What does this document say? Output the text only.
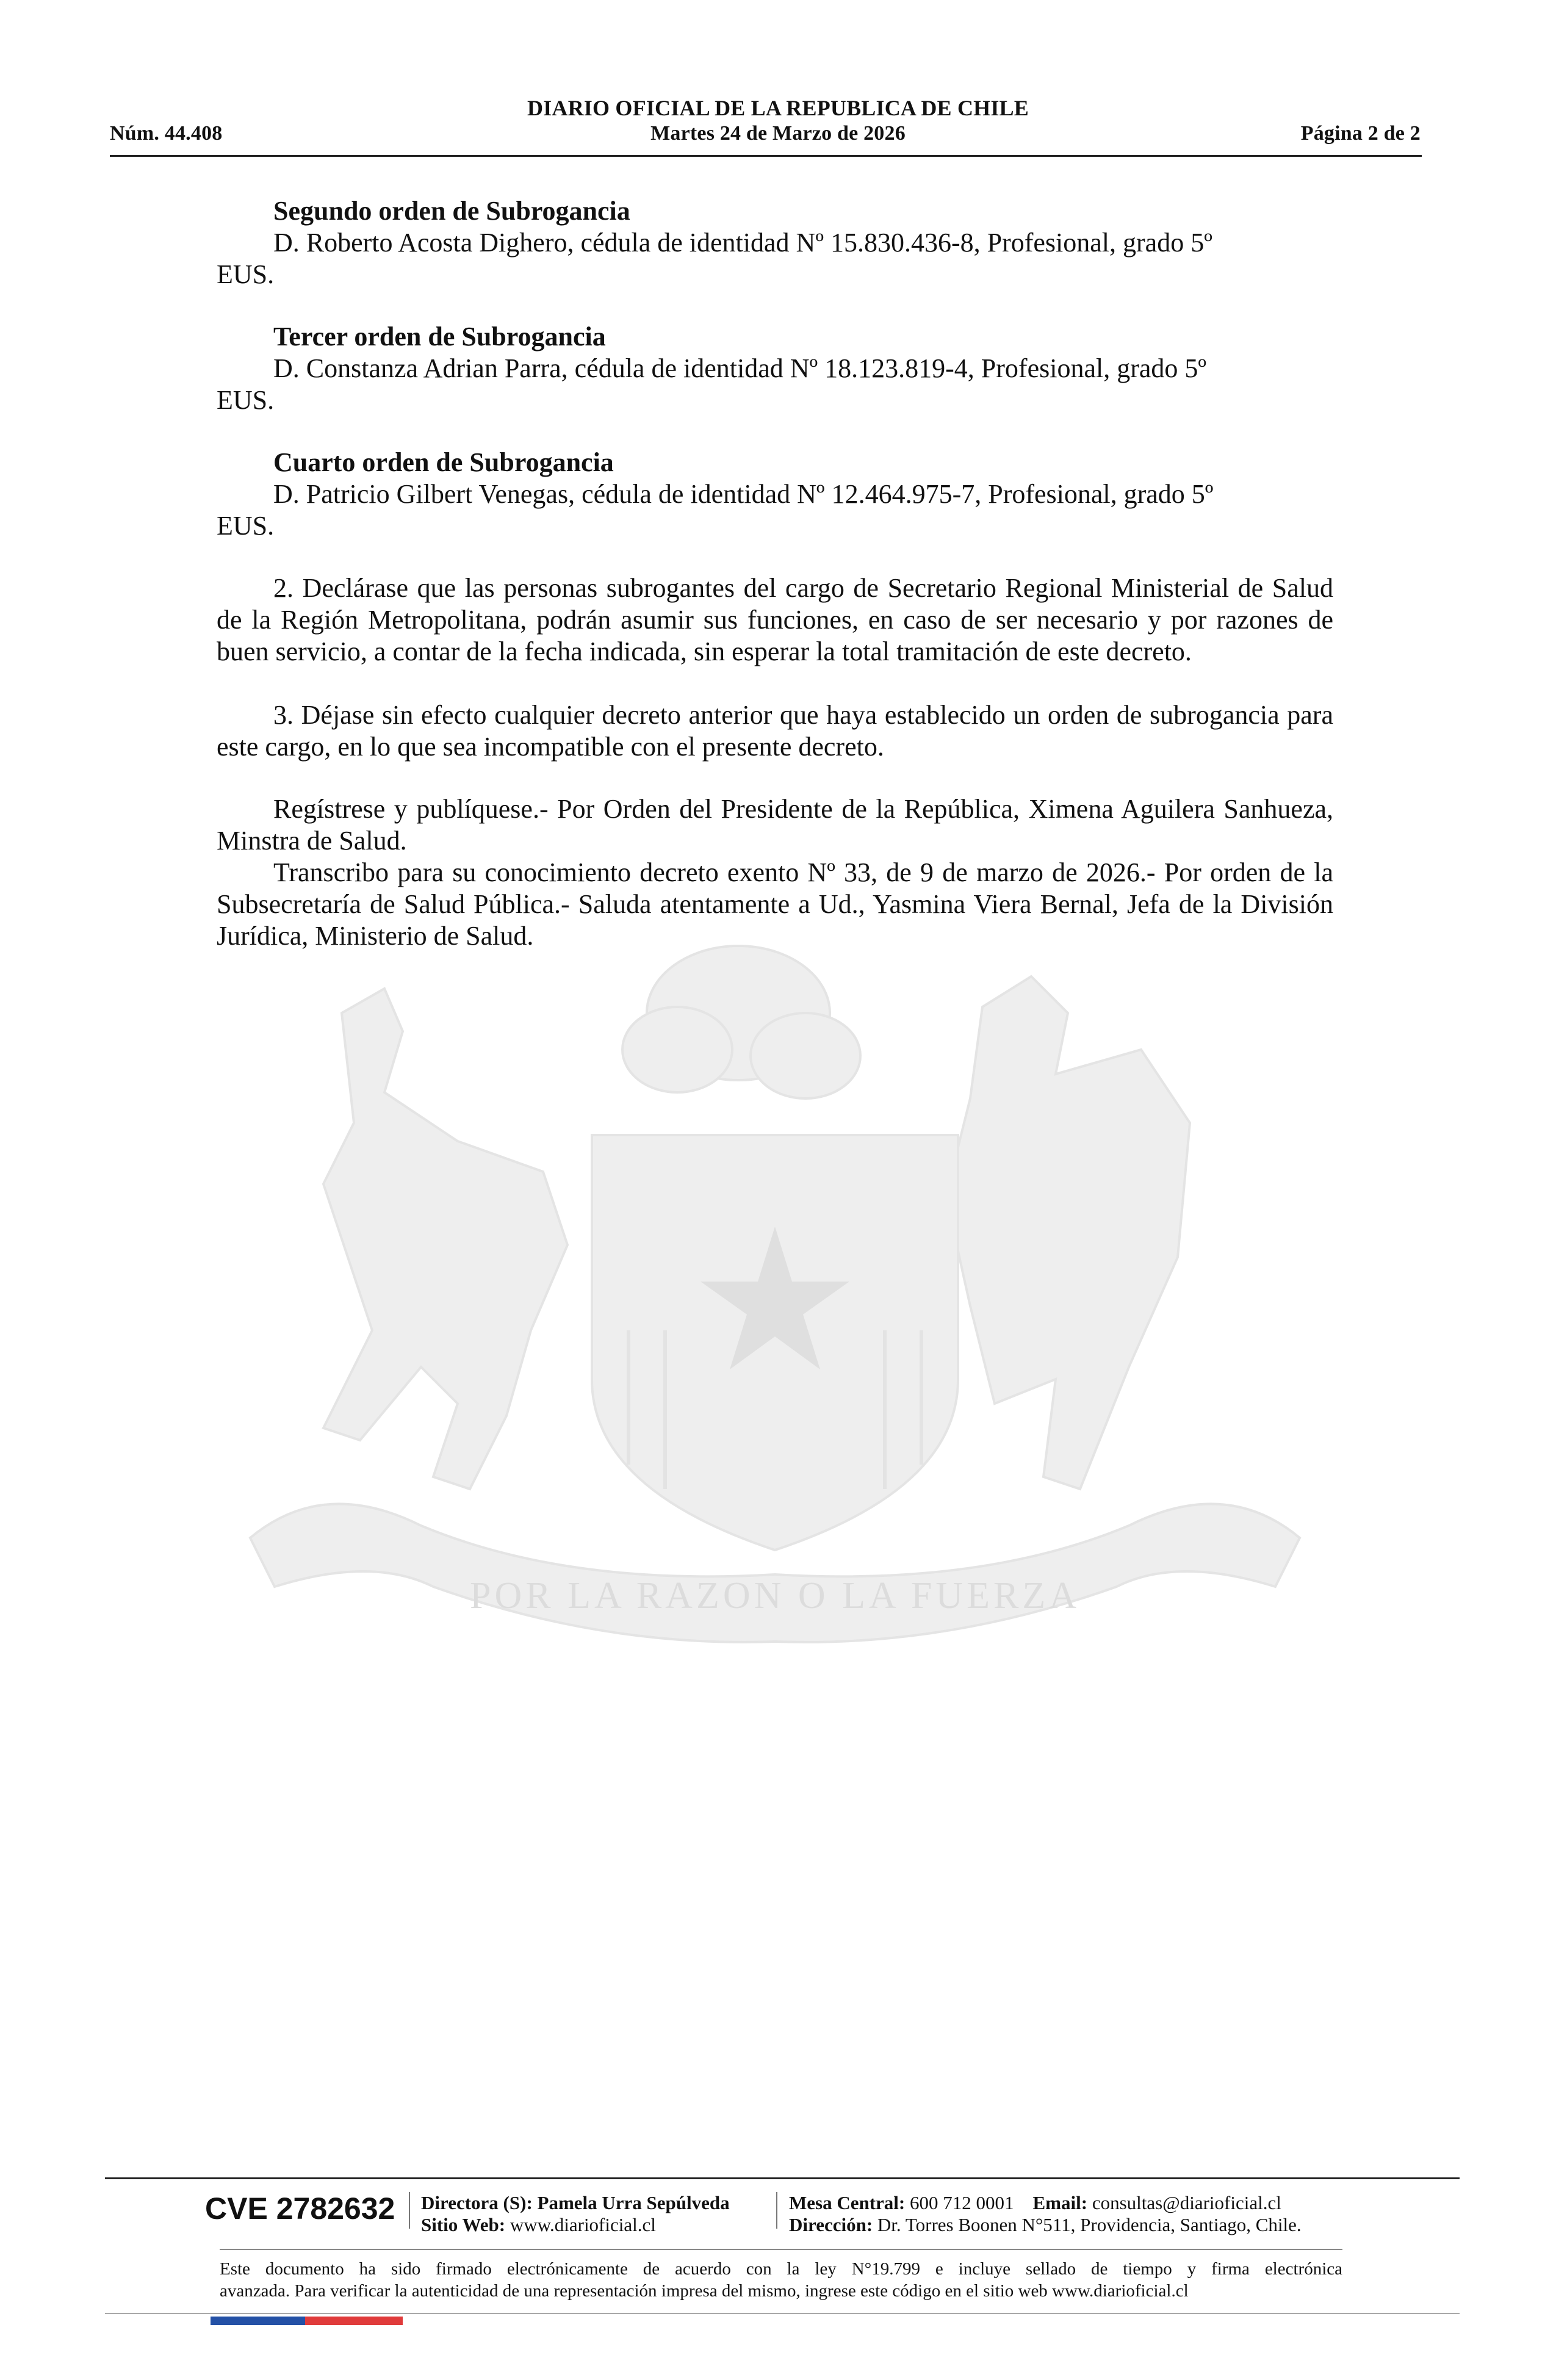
DIARIO OFICIAL DE LA REPUBLICA DE CHILE
Núm. 44.408	Martes 24 de Marzo de 2026	Página 2 de 2
POR LA RAZON O LA FUERZA
Segundo orden de Subrogancia
D. Roberto Acosta Dighero, cédula de identidad Nº 15.830.436-8, Profesional, grado 5º
EUS.
Tercer orden de Subrogancia
D. Constanza Adrian Parra, cédula de identidad Nº 18.123.819-4, Profesional, grado 5º
EUS.
Cuarto orden de Subrogancia
D. Patricio Gilbert Venegas, cédula de identidad Nº 12.464.975-7, Profesional, grado 5º
EUS.
2. Declárase que las personas subrogantes del cargo de Secretario Regional Ministerial de Salud de la Región Metropolitana, podrán asumir sus funciones, en caso de ser necesario y por razones de buen servicio, a contar de la fecha indicada, sin esperar la total tramitación de este decreto.
3. Déjase sin efecto cualquier decreto anterior que haya establecido un orden de subrogancia para este cargo, en lo que sea incompatible con el presente decreto.
Regístrese y publíquese.- Por Orden del Presidente de la República, Ximena Aguilera Sanhueza, Minstra de Salud.
Transcribo para su conocimiento decreto exento Nº 33, de 9 de marzo de 2026.- Por orden de la Subsecretaría de Salud Pública.- Saluda atentamente a Ud., Yasmina Viera Bernal, Jefa de la División Jurídica, Ministerio de Salud.
CVE 2782632 Directora (S): Pamela Urra Sepúlveda
Sitio Web: www.diarioficial.cl
Mesa Central: 600 712 0001 Email: consultas@diarioficial.cl
Dirección: Dr. Torres Boonen N°511, Providencia, Santiago, Chile.
Este documento ha sido firmado electrónicamente de acuerdo con la ley N°19.799 e incluye sellado de tiempo y firma electrónica
avanzada. Para verificar la autenticidad de una representación impresa del mismo, ingrese este código en el sitio web www.diarioficial.cl
